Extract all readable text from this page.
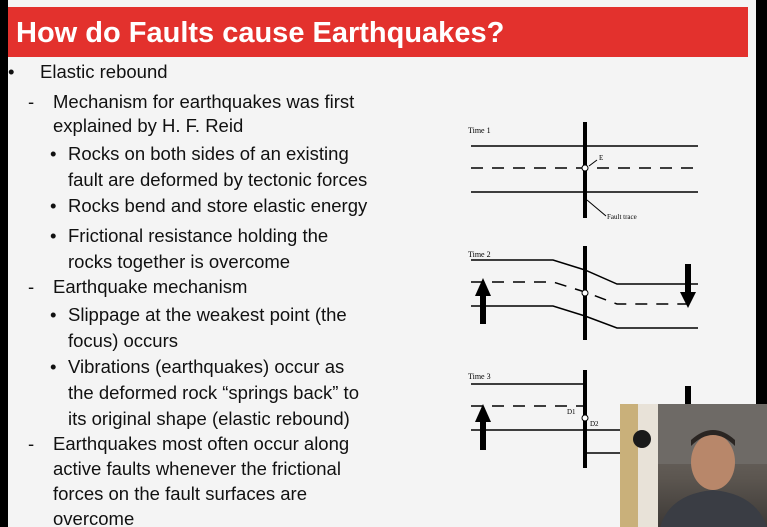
How do Faults cause Earthquakes?
• Elastic rebound
- Mechanism for earthquakes was first
explained by H. F. Reid
• Rocks on both sides of an existing
fault are deformed by tectonic forces
• Rocks bend and store elastic energy
• Frictional resistance holding the
rocks together is overcome
- Earthquake mechanism
• Slippage at the weakest point (the
focus) occurs
• Vibrations (earthquakes) occur as
the deformed rock “springs back” to
its original shape (elastic rebound)
- Earthquakes most often occur along
active faults whenever the frictional
forces on the fault surfaces are
overcome
Time 1
E
Fault trace
Time 2
Time 3
D1
D2
